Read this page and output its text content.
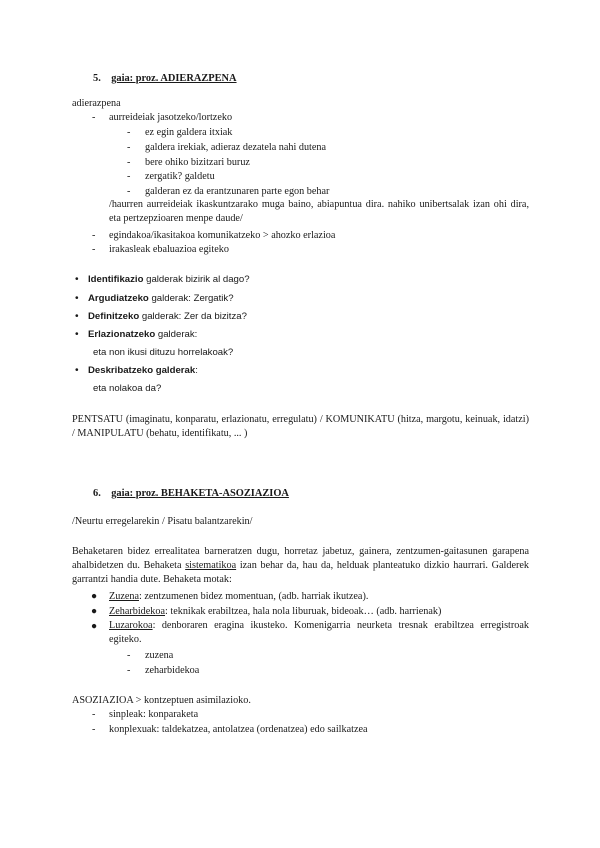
5. gaia: proz. ADIERAZPENA
adierazpena
- aurreideiak jasotzeko/lortzeko
- ez egin galdera itxiak
- galdera irekiak, adieraz dezatela nahi dutena
- bere ohiko bizitzari buruz
- zergatik? galdetu
- galderan ez da erantzunaren parte egon behar
/haurren aurreideiak ikaskuntzarako muga baino, abiapuntua dira. nahiko unibertsalak izan ohi dira, eta pertzepzioaren menpe daude/
- egindakoa/ikasitakoa komunikatzeko > ahozko erlazioa
- irakasleak ebaluazioa egiteko
• Identifikazio galderak bizirik al dago?
• Argudiatzeko galderak: Zergatik?
• Definitzeko galderak: Zer da bizitza?
• Erlazionatzeko galderak:
eta non ikusi dituzu horrelakoak?
• Deskribatzeko galderak:
eta nolakoa da?
PENTSATU (imaginatu, konparatu, erlazionatu, erregulatu) / KOMUNIKATU (hitza, margotu, keinuak, idatzi) / MANIPULATU (behatu, identifikatu, ... )
6. gaia: proz. BEHAKETA-ASOZIAZIOA
/Neurtu erregelarekin / Pisatu balantzarekin/
Behaketaren bidez errealitatea barneratzen dugu, horretaz jabetuz, gainera, zentzumen-gaitasunen garapena ahalbidetzen du. Behaketa sistematikoa izan behar da, hau da, helduak planteatuko dizkio haurrari. Galderek garrantzi handia dute. Behaketa motak:
● Zuzena: zentzumenen bidez momentuan, (adb. harriak ikutzea).
● Zeharbidekoa: teknikak erabiltzea, hala nola liburuak, bideoak… (adb. harrienak)
● Luzarokoa: denboraren eragina ikusteko. Komenigarria neurketa tresnak erabiltzea erregistroak egiteko.
- zuzena
- zeharbidekoa
ASOZIAZIOA > kontzeptuen asimilazioko.
- sinpleak: konparaketa
- konplexuak: taldekatzea, antolatzea (ordenatzea) edo sailkatzea
